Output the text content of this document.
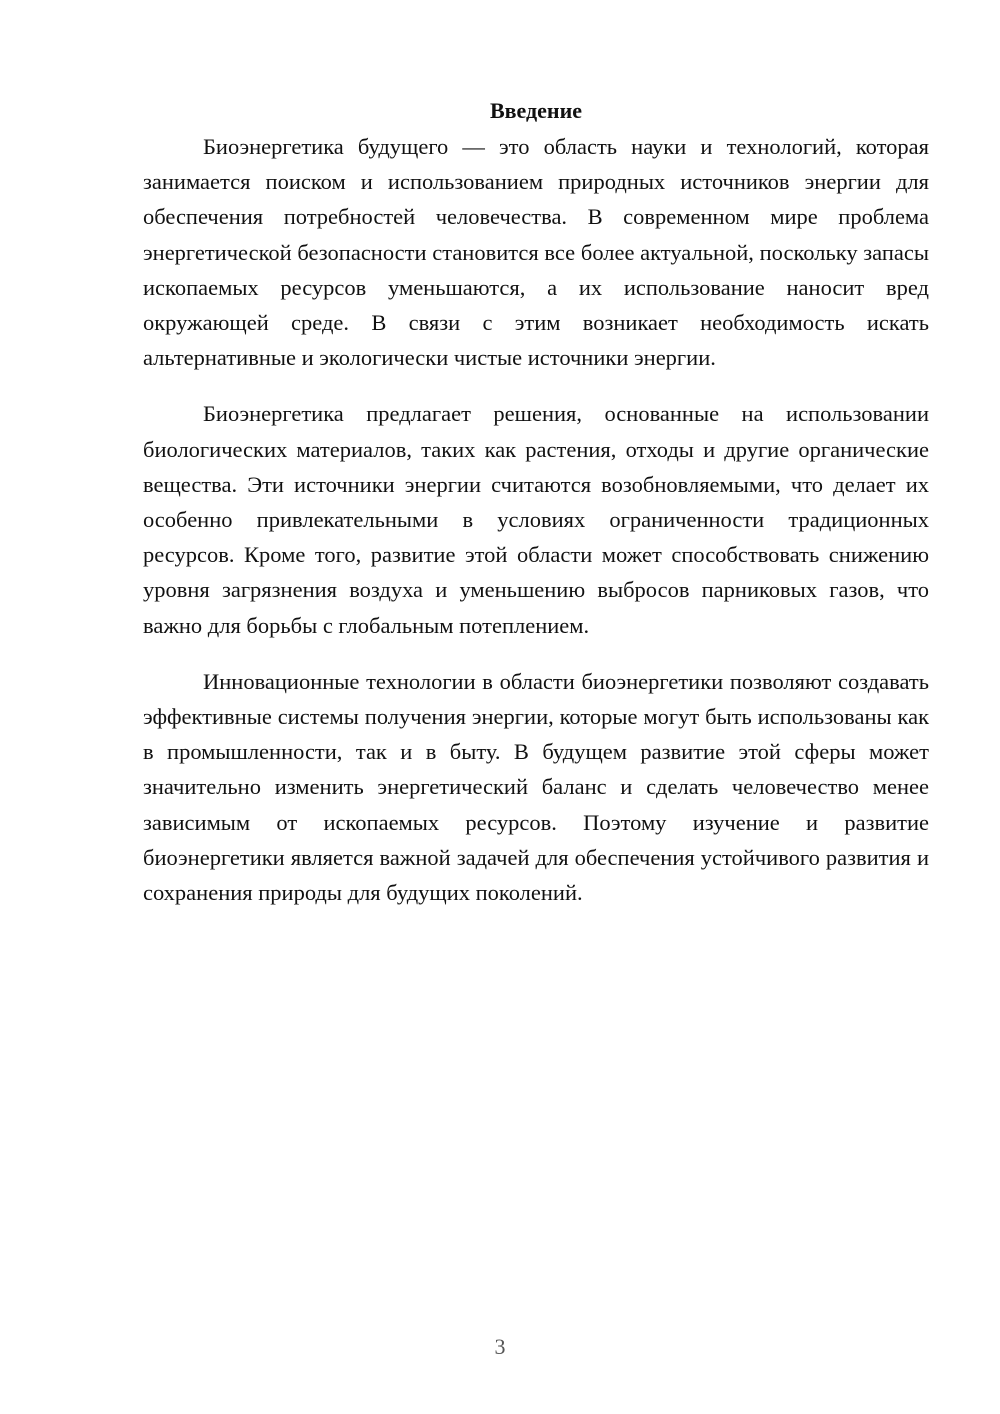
Введение

Биоэнергетика будущего — это область науки и технологий, которая занимается поиском и использованием природных источников энергии для обеспечения потребностей человечества. В современном мире проблема энергетической безопасности становится все более актуальной, поскольку запасы ископаемых ресурсов уменьшаются, а их использование наносит вред окружающей среде. В связи с этим возникает необходимость искать альтернативные и экологически чистые источники энергии.

Биоэнергетика предлагает решения, основанные на использовании биологических материалов, таких как растения, отходы и другие органические вещества. Эти источники энергии считаются возобновляемыми, что делает их особенно привлекательными в условиях ограниченности традиционных ресурсов. Кроме того, развитие этой области может способствовать снижению уровня загрязнения воздуха и уменьшению выбросов парниковых газов, что важно для борьбы с глобальным потеплением.

Инновационные технологии в области биоэнергетики позволяют создавать эффективные системы получения энергии, которые могут быть использованы как в промышленности, так и в быту. В будущем развитие этой сферы может значительно изменить энергетический баланс и сделать человечество менее зависимым от ископаемых ресурсов. Поэтому изучение и развитие биоэнергетики является важной задачей для обеспечения устойчивого развития и сохранения природы для будущих поколений.

3
